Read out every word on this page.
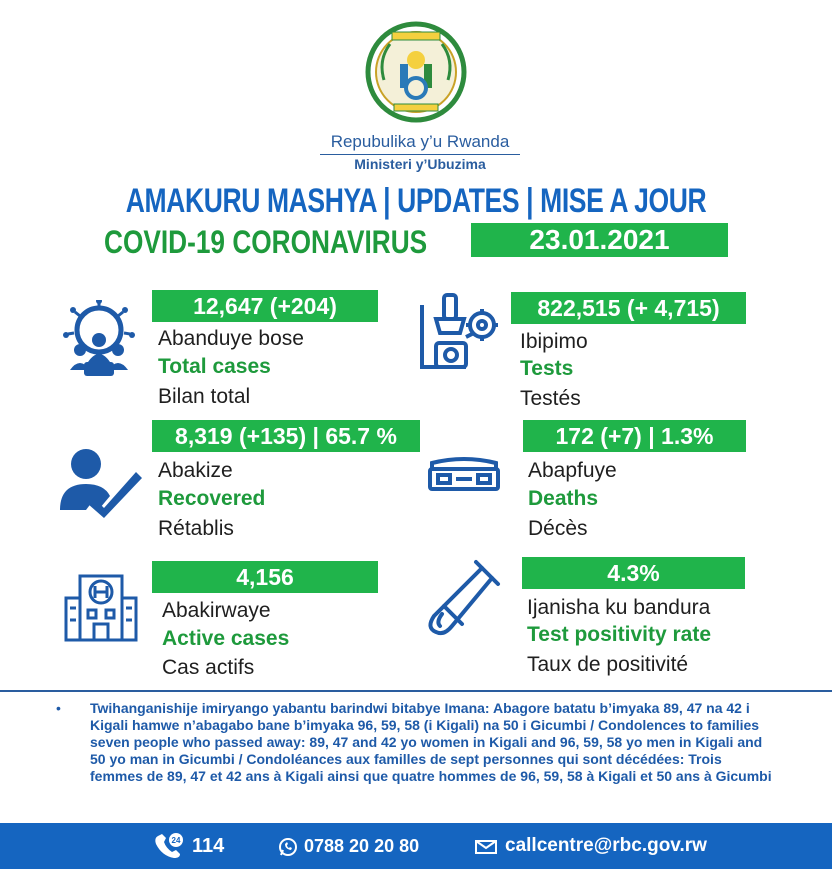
Repubulika y’u Rwanda
Ministeri y’Ubuzima
AMAKURU MASHYA | UPDATES | MISE A JOUR
COVID-19 CORONAVIRUS	23.01.2021
12,647 (+204)
Abanduye bose
Total cases
Bilan total
822,515 (+ 4,715)
Ibipimo
Tests
Testés
8,319 (+135) | 65.7 %
Abakize
Recovered
Rétablis
172 (+7) | 1.3%
Abapfuye
Deaths
Décès
4,156
Abakirwaye
Active cases
Cas actifs
4.3%
Ijanisha ku bandura
Test positivity rate
Taux de positivité
•	Twihanganishije imiryango yabantu barindwi bitabye Imana: Abagore batatu b’imyaka 89, 47 na 42 i Kigali hamwe n’abagabo bane b’imyaka 96, 59, 58 (i Kigali) na 50 i Gicumbi / Condolences to families seven people who passed away: 89, 47 and 42 yo women in Kigali and 96, 59, 58 yo men in Kigali and 50 yo man in Gicumbi / Condoléances aux familles de sept personnes qui sont décédées: Trois femmes de 89, 47 et 42 ans à Kigali ainsi que quatre hommes de 96, 59, 58 à Kigali et 50 ans à Gicumbi
24 114	0788 20 20 80	callcentre@rbc.gov.rw
